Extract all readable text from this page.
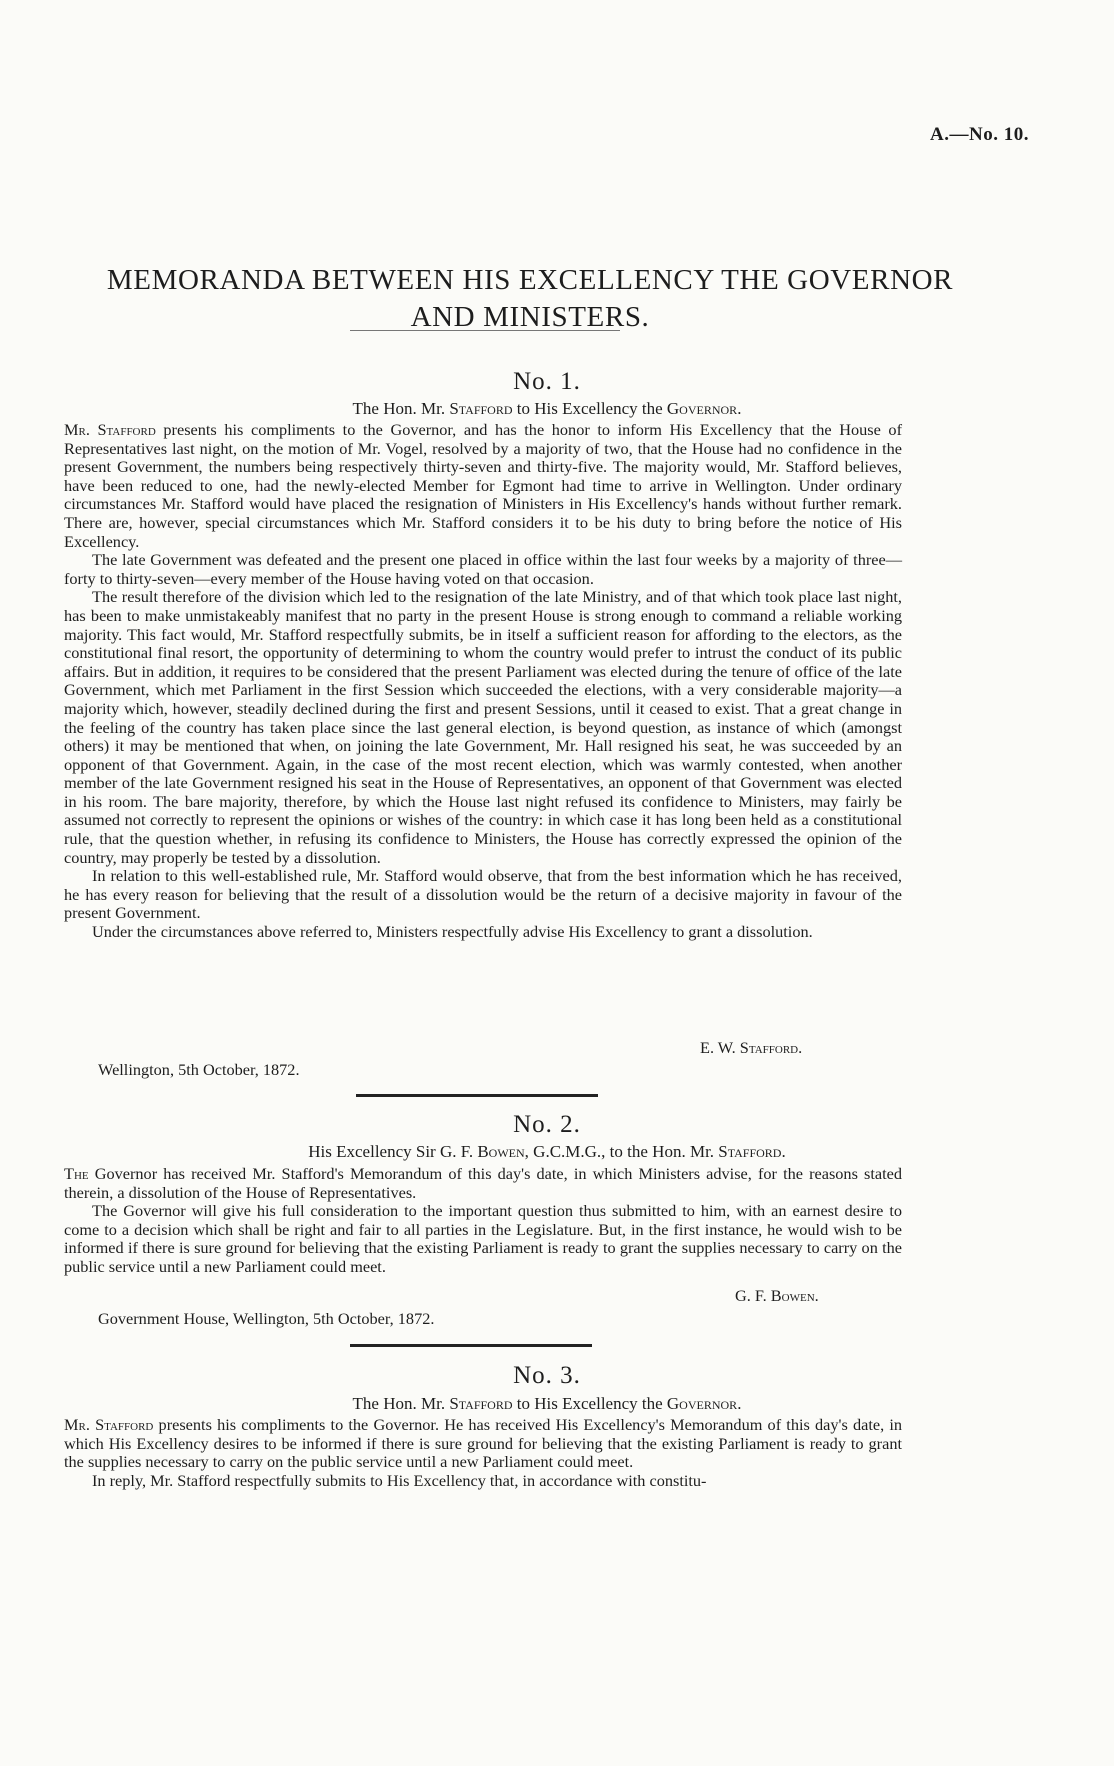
A.—No. 10.
MEMORANDA BETWEEN HIS EXCELLENCY THE GOVERNOR AND MINISTERS.
No. 1.
The Hon. Mr. Stafford to His Excellency the Governor.

Mr. Stafford presents his compliments to the Governor, and has the honor to inform His Excellency that the House of Representatives last night, on the motion of Mr. Vogel, resolved by a majority of two, that the House had no confidence in the present Government, the numbers being respectively thirty-seven and thirty-five. The majority would, Mr. Stafford believes, have been reduced to one, had the newly-elected Member for Egmont had time to arrive in Wellington. Under ordinary circumstances Mr. Stafford would have placed the resignation of Ministers in His Excellency's hands without further remark. There are, however, special circumstances which Mr. Stafford considers it to be his duty to bring before the notice of His Excellency.

The late Government was defeated and the present one placed in office within the last four weeks by a majority of three—forty to thirty-seven—every member of the House having voted on that occasion.

The result therefore of the division which led to the resignation of the late Ministry, and of that which took place last night, has been to make unmistakeably manifest that no party in the present House is strong enough to command a reliable working majority. This fact would, Mr. Stafford respectfully submits, be in itself a sufficient reason for affording to the electors, as the constitutional final resort, the opportunity of determining to whom the country would prefer to intrust the conduct of its public affairs. But in addition, it requires to be considered that the present Parliament was elected during the tenure of office of the late Government, which met Parliament in the first Session which succeeded the elections, with a very considerable majority—a majority which, however, steadily declined during the first and present Sessions, until it ceased to exist. That a great change in the feeling of the country has taken place since the last general election, is beyond question, as instance of which (amongst others) it may be mentioned that when, on joining the late Government, Mr. Hall resigned his seat, he was succeeded by an opponent of that Government. Again, in the case of the most recent election, which was warmly contested, when another member of the late Government resigned his seat in the House of Representatives, an opponent of that Government was elected in his room. The bare majority, therefore, by which the House last night refused its confidence to Ministers, may fairly be assumed not correctly to represent the opinions or wishes of the country: in which case it has long been held as a constitutional rule, that the question whether, in refusing its confidence to Ministers, the House has correctly expressed the opinion of the country, may properly be tested by a dissolution.

In relation to this well-established rule, Mr. Stafford would observe, that from the best information which he has received, he has every reason for believing that the result of a dissolution would be the return of a decisive majority in favour of the present Government.

Under the circumstances above referred to, Ministers respectfully advise His Excellency to grant a dissolution.

E. W. Stafford.
Wellington, 5th October, 1872.
No. 2.
His Excellency Sir G. F. Bowen, G.C.M.G., to the Hon. Mr. Stafford.

The Governor has received Mr. Stafford's Memorandum of this day's date, in which Ministers advise, for the reasons stated therein, a dissolution of the House of Representatives.

The Governor will give his full consideration to the important question thus submitted to him, with an earnest desire to come to a decision which shall be right and fair to all parties in the Legislature. But, in the first instance, he would wish to be informed if there is sure ground for believing that the existing Parliament is ready to grant the supplies necessary to carry on the public service until a new Parliament could meet.

G. F. Bowen.
Government House, Wellington, 5th October, 1872.
No. 3.
The Hon. Mr. Stafford to His Excellency the Governor.

Mr. Stafford presents his compliments to the Governor. He has received His Excellency's Memorandum of this day's date, in which His Excellency desires to be informed if there is sure ground for believing that the existing Parliament is ready to grant the supplies necessary to carry on the public service until a new Parliament could meet.

In reply, Mr. Stafford respectfully submits to His Excellency that, in accordance with constitu-
